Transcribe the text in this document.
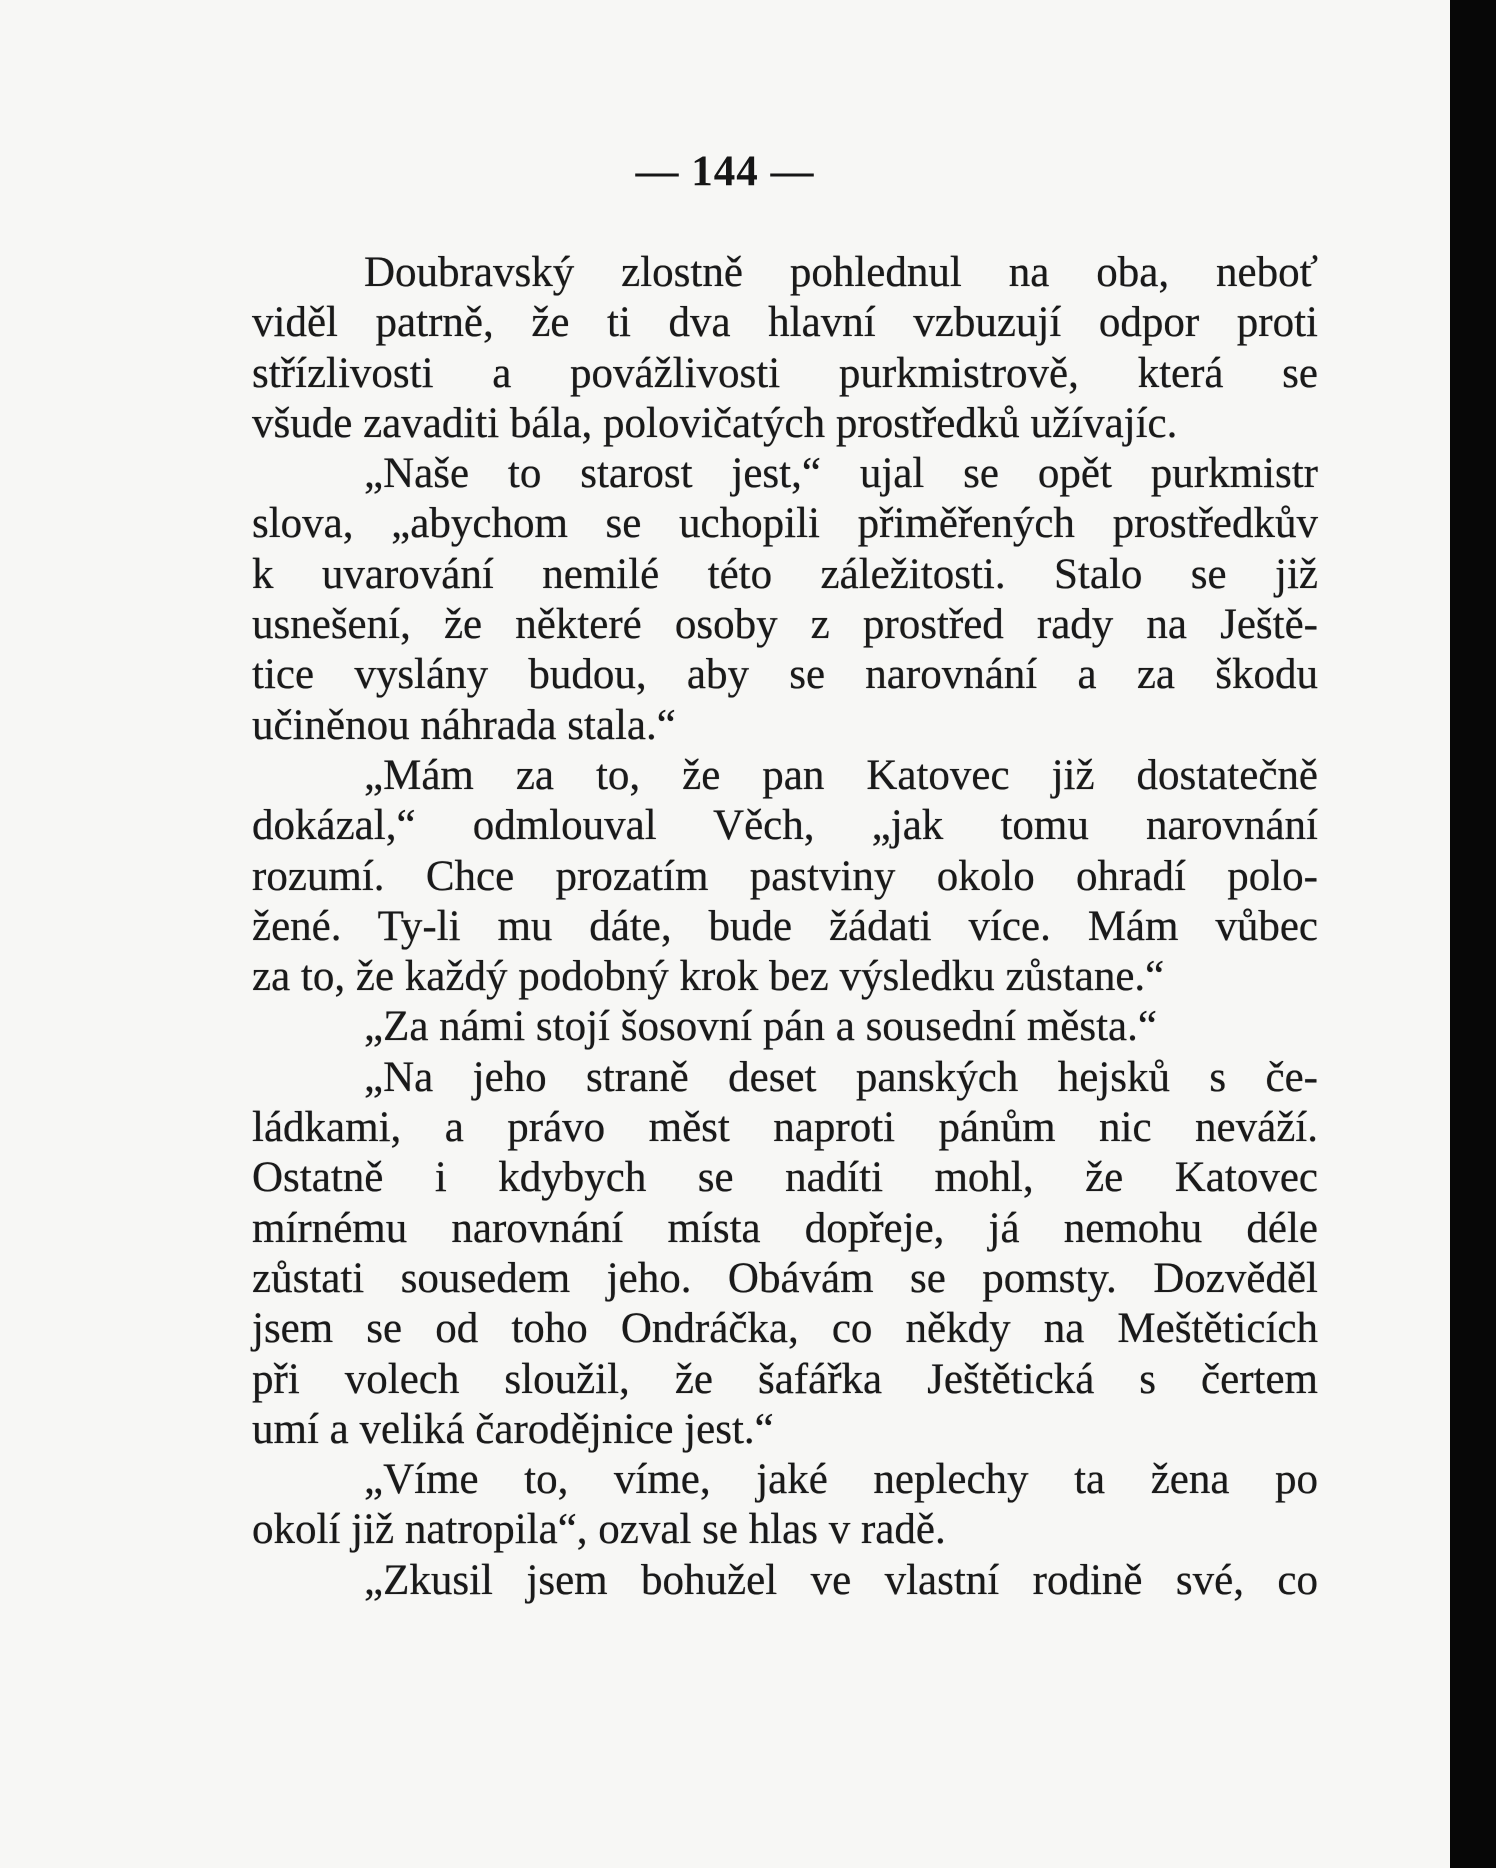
— 144 —
Doubravský zlostně pohlednul na oba, neboť
viděl patrně, že ti dva hlavní vzbuzují odpor proti
střízlivosti a povážlivosti purkmistrově, která se
všude zavaditi bála, polovičatých prostředků užívajíc.
„Naše to starost jest,“ ujal se opět purkmistr
slova, „abychom se uchopili přiměřených prostředkův
k uvarování nemilé této záležitosti. Stalo se již
usnešení, že některé osoby z prostřed rady na Ještě-
tice vyslány budou, aby se narovnání a za škodu
učiněnou náhrada stala.“
„Mám za to, že pan Katovec již dostatečně
dokázal,“ odmlouval Věch, „jak tomu narovnání
rozumí. Chce prozatím pastviny okolo ohradí polo-
žené. Ty-li mu dáte, bude žádati více. Mám vůbec
za to, že každý podobný krok bez výsledku zůstane.“
„Za námi stojí šosovní pán a sousední města.“
„Na jeho straně deset panských hejsků s če-
ládkami, a právo měst naproti pánům nic neváží.
Ostatně i kdybych se nadíti mohl, že Katovec
mírnému narovnání místa dopřeje, já nemohu déle
zůstati sousedem jeho. Obávám se pomsty. Dozvěděl
jsem se od toho Ondráčka, co někdy na Meštěticích
při volech sloužil, že šafářka Ještětická s čertem
umí a veliká čarodějnice jest.“
„Víme to, víme, jaké neplechy ta žena po
okolí již natropila“, ozval se hlas v radě.
„Zkusil jsem bohužel ve vlastní rodině své, co
